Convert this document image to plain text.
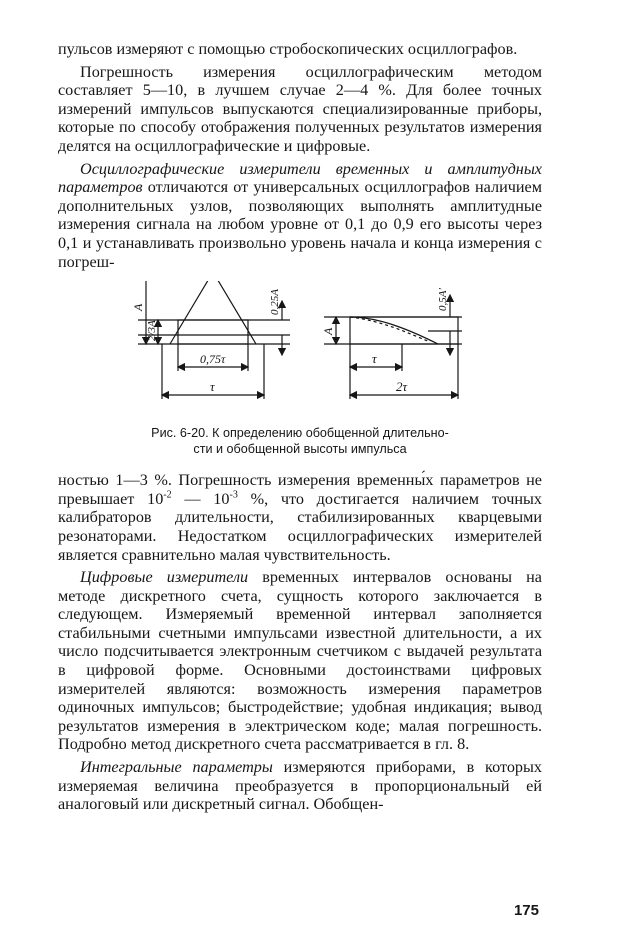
пульсов измеряют с помощью стробоскопических осциллографов.

Погрешность измерения осциллографическим методом составляет 5—10, в лучшем случае 2—4 %. Для более точных измерений импульсов выпускаются специализированные приборы, которые по способу отображения полученных результатов измерения делятся на осциллографические и цифровые.

Осциллографические измерители временных и амплитудных параметров отличаются от универсальных осциллографов наличием дополнительных узлов, позволяющих выполнять амплитудные измерения сигнала на любом уровне от 0,1 до 0,9 его высоты через 0,1 и устанавливать произвольно уровень начала и конца измерения с погреш-

A
2/3A
0,25A
0,75τ
τ
A
0,5A′
τ
2τ
Рис. 6-20. К определению обобщенной длительно-
сти и обобщенной высоты импульса

ностью 1—3 %. Погрешность измерения временны́х параметров не превышает $10^{-2}$ — $10^{-3}$ %, что достигается наличием точных калибраторов длительности, стабилизированных кварцевыми резонаторами. Недостатком осциллографических измерителей является сравнительно малая чувствительность.

Цифровые измерители временных интервалов основаны на методе дискретного счета, сущность которого заключается в следующем. Измеряемый временной интервал заполняется стабильными счетными импульсами известной длительности, а их число подсчитывается электронным счетчиком с выдачей результата в цифровой форме. Основными достоинствами цифровых измерителей являются: возможность измерения параметров одиночных импульсов; быстродействие; удобная индикация; вывод результатов измерения в электрическом коде; малая погрешность. Подробно метод дискретного счета рассматривается в гл. 8.

Интегральные параметры измеряются приборами, в которых измеряемая величина преобразуется в пропорциональный ей аналоговый или дискретный сигнал. Обобщен-

175
